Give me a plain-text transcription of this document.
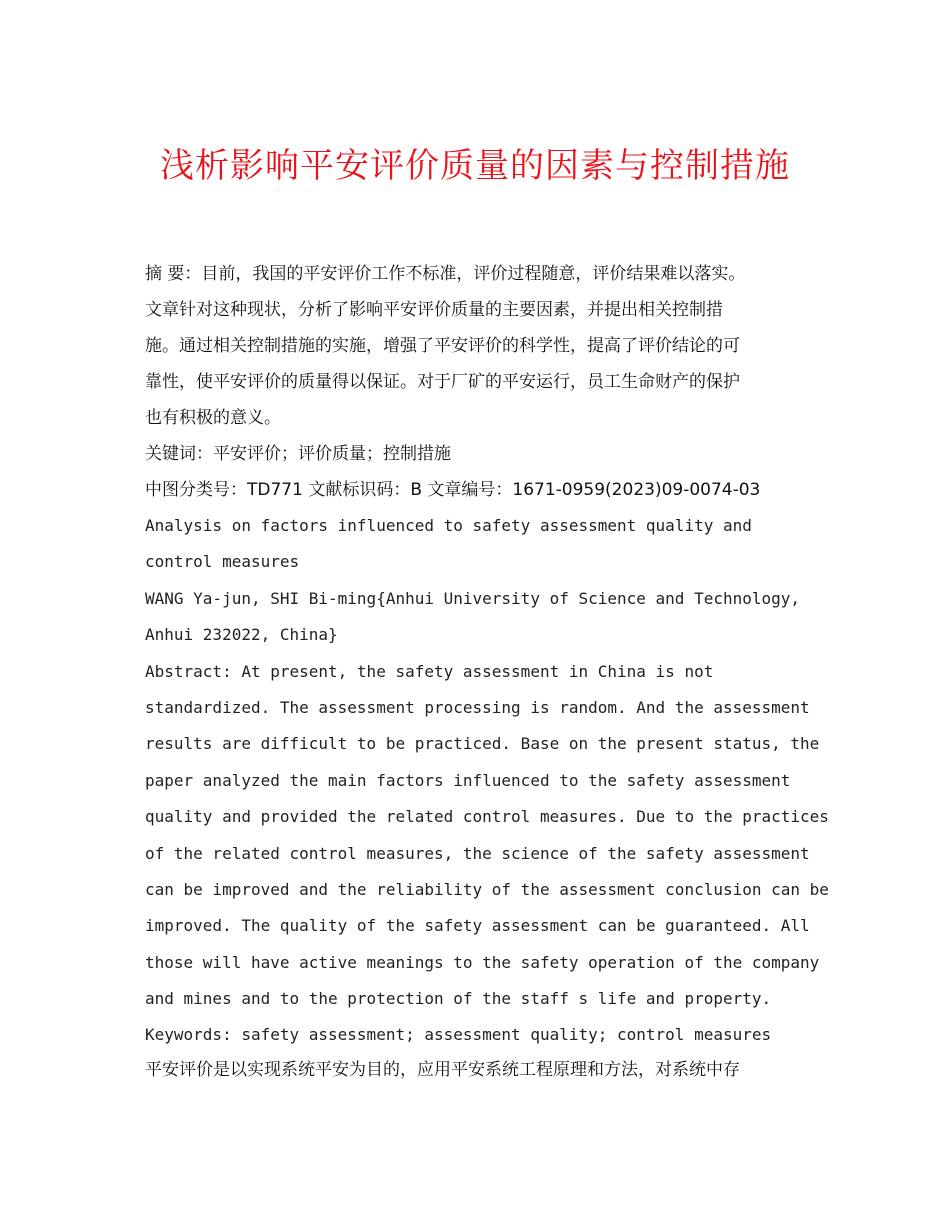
浅析影响平安评价质量的因素与控制措施
摘 要：目前，我国的平安评价工作不标准，评价过程随意，评价结果难以落实。
文章针对这种现状，分析了影响平安评价质量的主要因素，并提出相关控制措
施。通过相关控制措施的实施，增强了平安评价的科学性，提高了评价结论的可
靠性，使平安评价的质量得以保证。对于厂矿的平安运行，员工生命财产的保护
也有积极的意义。
关键词：平安评价；评价质量；控制措施
中图分类号：TD771 文献标识码：B 文章编号：1671-0959(2023)09-0074-03
Analysis on factors influenced to safety assessment quality and
control measures
WANG Ya-jun, SHI Bi-ming{Anhui University of Science and Technology,
Anhui 232022, China}
Abstract: At present, the safety assessment in China is not
standardized. The assessment processing is random. And the assessment
results are difficult to be practiced. Base on the present status, the
paper analyzed the main factors influenced to the safety assessment
quality and provided the related control measures. Due to the practices
of the related control measures, the science of the safety assessment
can be improved and the reliability of the assessment conclusion can be
improved. The quality of the safety assessment can be guaranteed. All
those will have active meanings to the safety operation of the company
and mines and to the protection of the staff s life and property.
Keywords: safety assessment; assessment quality; control measures
平安评价是以实现系统平安为目的，应用平安系统工程原理和方法，对系统中存
